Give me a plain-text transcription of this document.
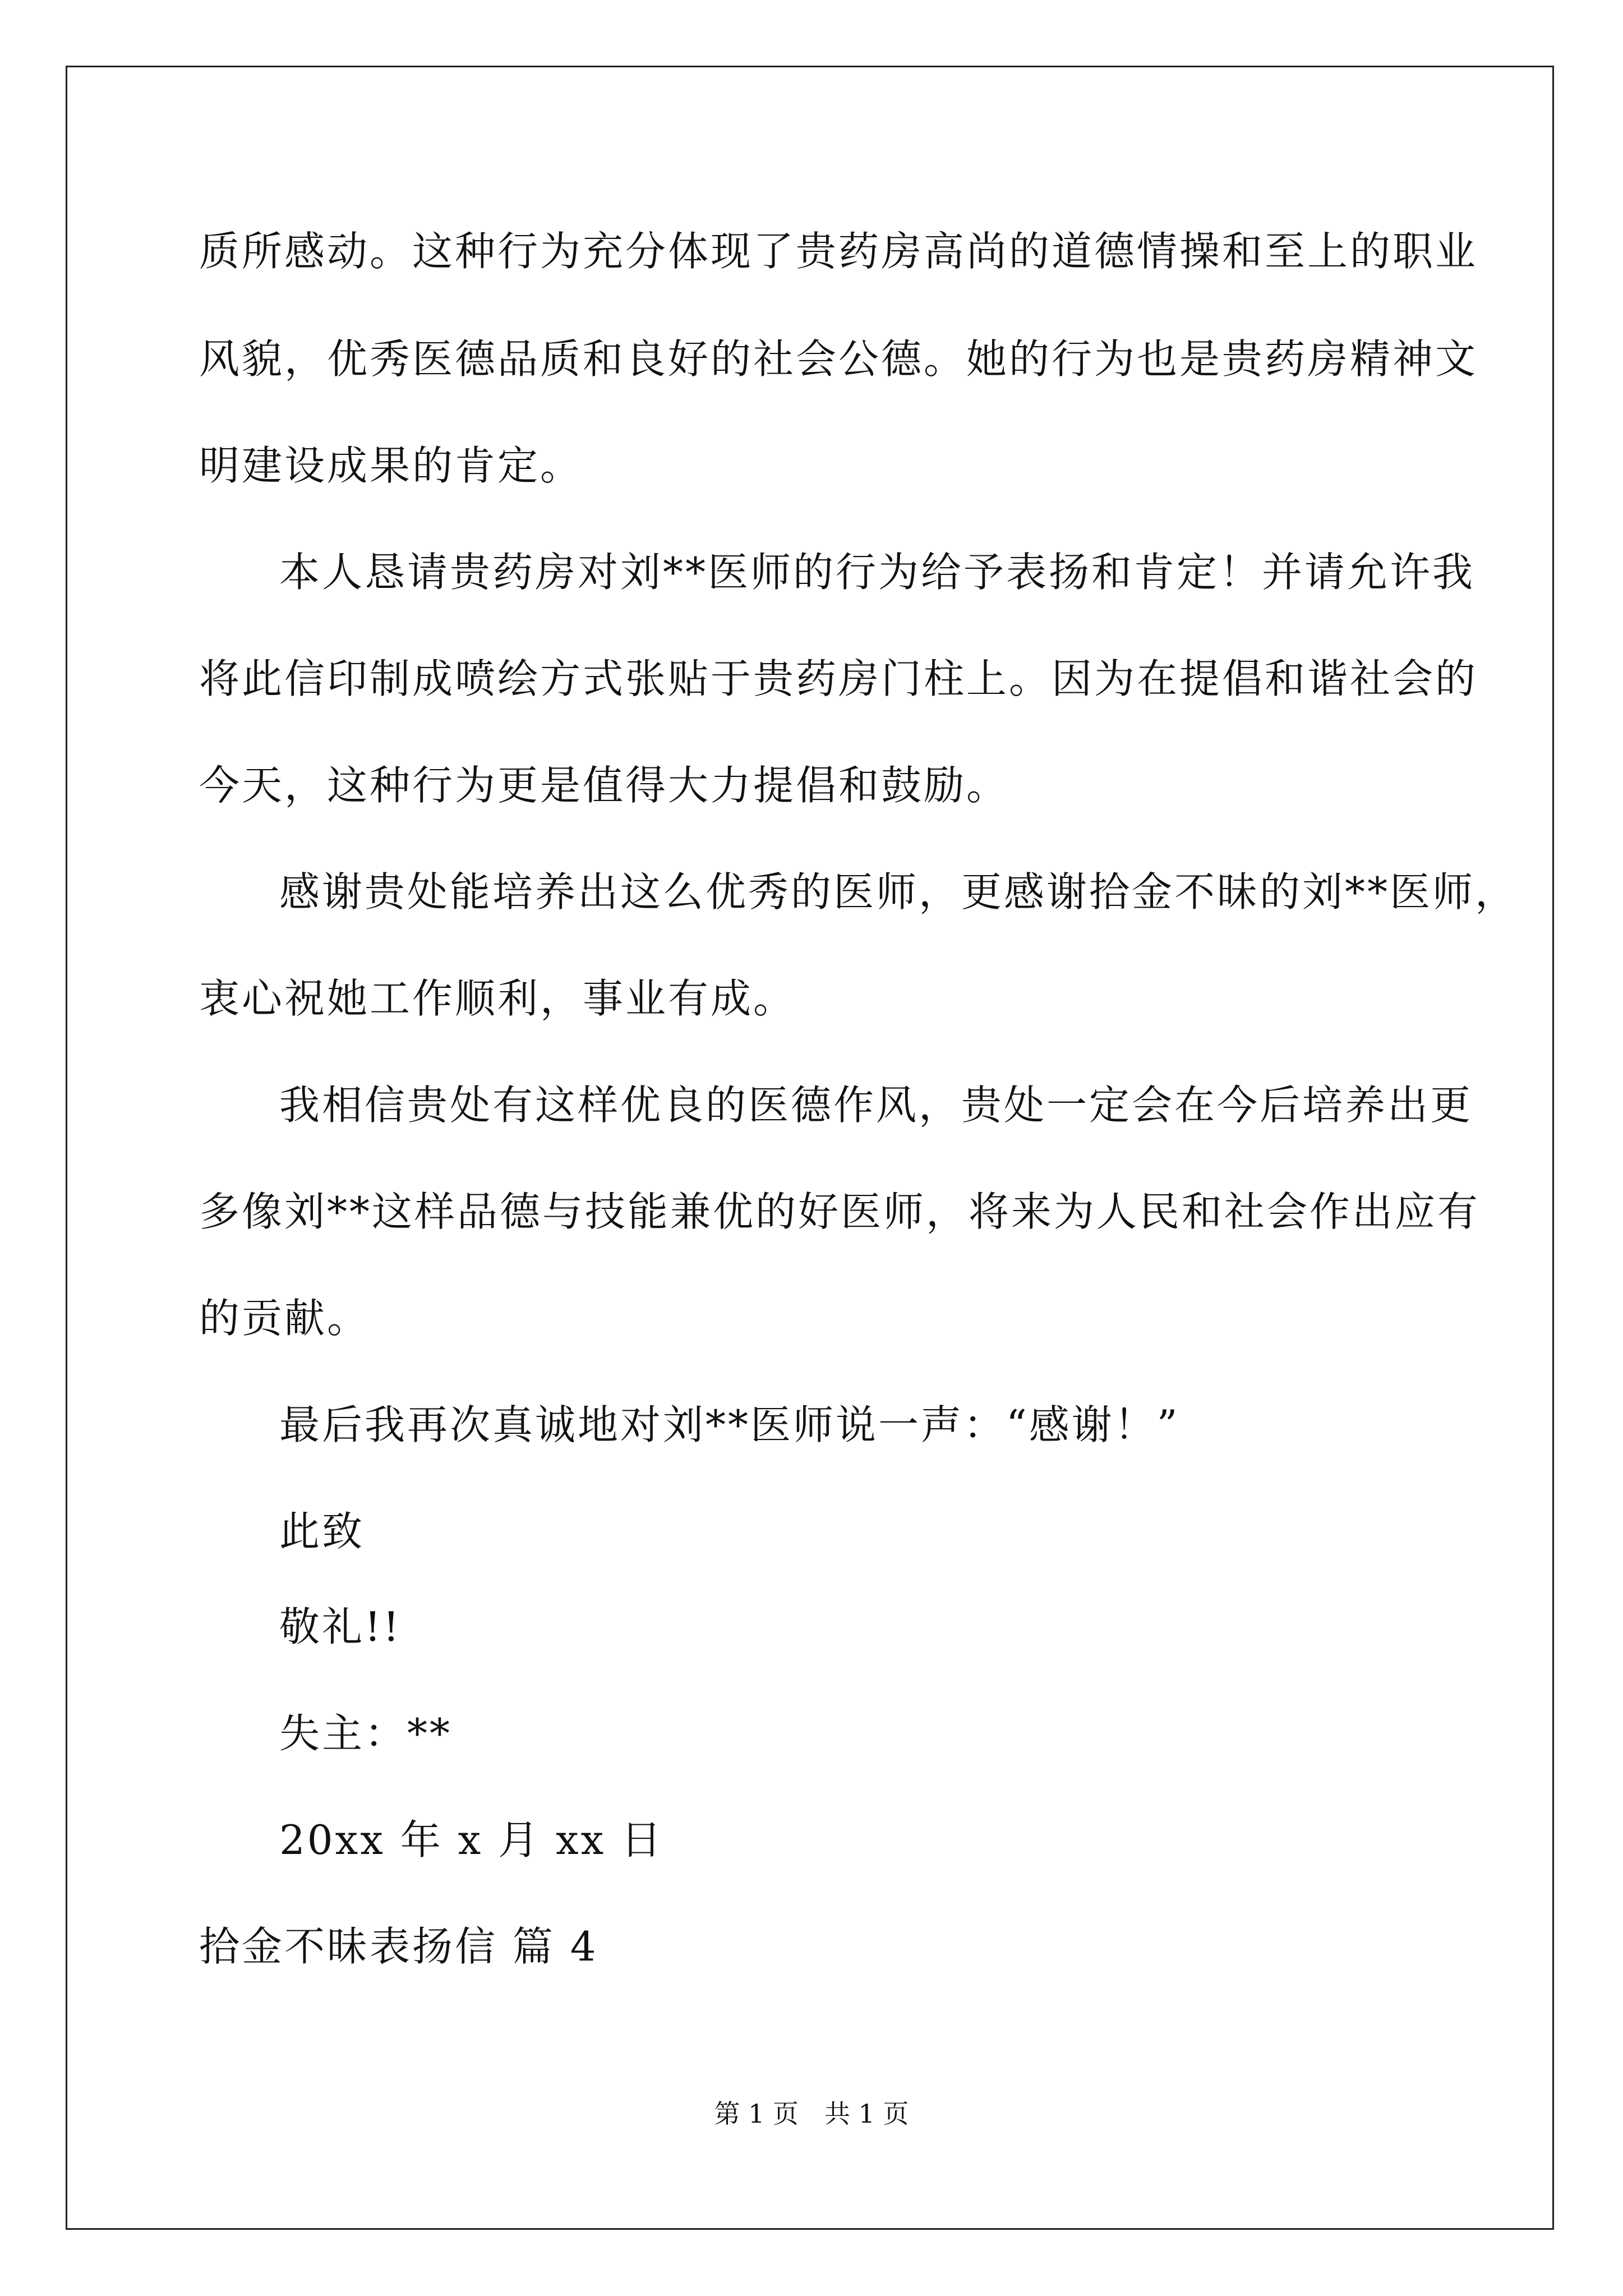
质所感动。这种行为充分体现了贵药房高尚的道德情操和至上的职业
风貌，优秀医德品质和良好的社会公德。她的行为也是贵药房精神文
明建设成果的肯定。
本人恳请贵药房对刘**医师的行为给予表扬和肯定！并请允许我
将此信印制成喷绘方式张贴于贵药房门柱上。因为在提倡和谐社会的
今天，这种行为更是值得大力提倡和鼓励。
感谢贵处能培养出这么优秀的医师，更感谢拾金不昧的刘**医师，
衷心祝她工作顺利，事业有成。
我相信贵处有这样优良的医德作风，贵处一定会在今后培养出更
多像刘**这样品德与技能兼优的好医师，将来为人民和社会作出应有
的贡献。
最后我再次真诚地对刘**医师说一声：“感谢！”
此致
敬礼!!
失主：**
20xx 年 x 月 xx 日
拾金不昧表扬信 篇 4
第 1 页　共 1 页
